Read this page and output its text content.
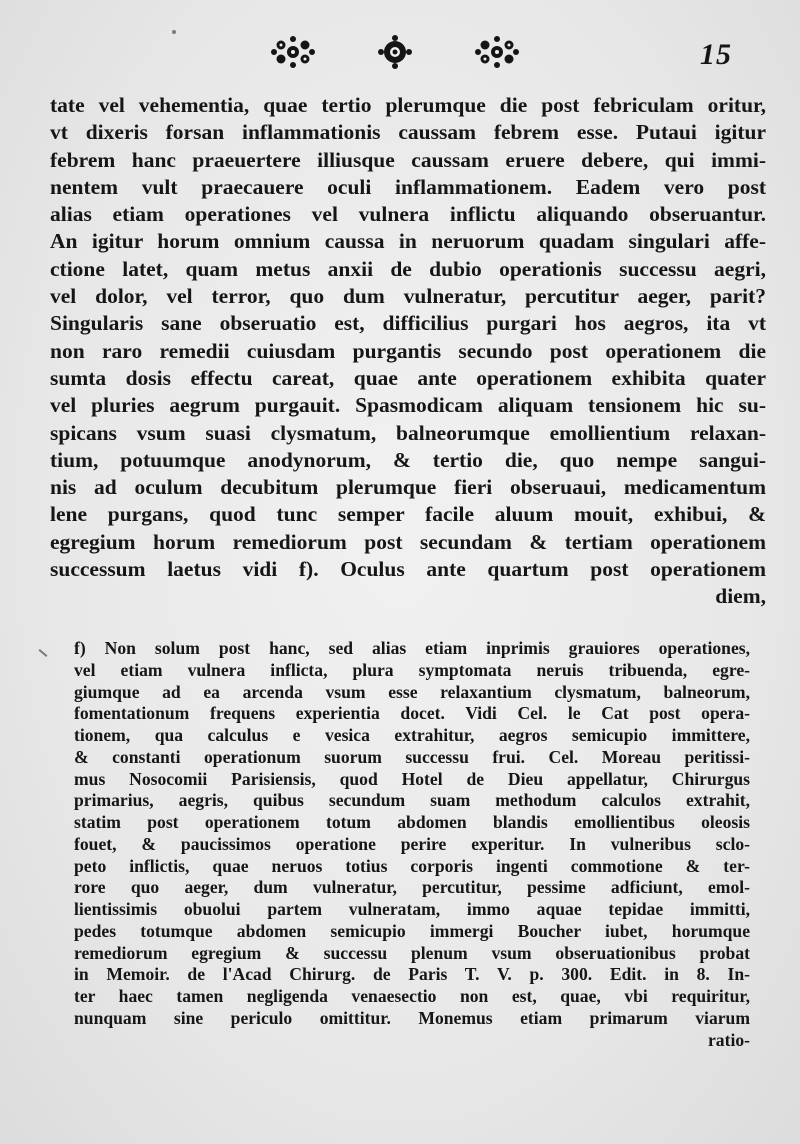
15
tate vel vehementia, quae tertio plerumque die post febriculam oritur,
vt dixeris forsan inflammationis caussam febrem esse. Putaui igitur
febrem hanc praeuertere illiusque caussam eruere debere, qui immi-
nentem vult praecauere oculi inflammationem. Eadem vero post
alias etiam operationes vel vulnera inflictu aliquando obseruantur.
An igitur horum omnium caussa in neruorum quadam singulari affe-
ctione latet, quam metus anxii de dubio operationis successu aegri,
vel dolor, vel terror, quo dum vulneratur, percutitur aeger, parit?
Singularis sane obseruatio est, difficilius purgari hos aegros, ita vt
non raro remedii cuiusdam purgantis secundo post operationem die
sumta dosis effectu careat, quae ante operationem exhibita quater
vel pluries aegrum purgauit. Spasmodicam aliquam tensionem hic su-
spicans vsum suasi clysmatum, balneorumque emollientium relaxan-
tium, potuumque anodynorum, & tertio die, quo nempe sangui-
nis ad oculum decubitum plerumque fieri obseruaui, medicamentum
lene purgans, quod tunc semper facile aluum mouit, exhibui, &
egregium horum remediorum post secundam & tertiam operationem
successum laetus vidi f). Oculus ante quartum post operationem
diem,
f) Non solum post hanc, sed alias etiam inprimis grauiores operationes,
vel etiam vulnera inflicta, plura symptomata neruis tribuenda, egre-
giumque ad ea arcenda vsum esse relaxantium clysmatum, balneorum,
fomentationum frequens experientia docet. Vidi Cel. le Cat post opera-
tionem, qua calculus e vesica extrahitur, aegros semicupio immittere,
& constanti operationum suorum successu frui. Cel. Moreau peritissi-
mus Nosocomii Parisiensis, quod Hotel de Dieu appellatur, Chirurgus
primarius, aegris, quibus secundum suam methodum calculos extrahit,
statim post operationem totum abdomen blandis emollientibus oleosis
fouet, & paucissimos operatione perire experitur. In vulneribus sclo-
peto inflictis, quae neruos totius corporis ingenti commotione & ter-
rore quo aeger, dum vulneratur, percutitur, pessime adficiunt, emol-
lientissimis obuolui partem vulneratam, immo aquae tepidae immitti,
pedes totumque abdomen semicupio immergi Boucher iubet, horumque
remediorum egregium & successu plenum vsum obseruationibus probat
in Memoir. de l'Acad Chirurg. de Paris T. V. p. 300. Edit. in 8. In-
ter haec tamen negligenda venaesectio non est, quae, vbi requiritur,
nunquam sine periculo omittitur. Monemus etiam primarum viarum
ratio-
